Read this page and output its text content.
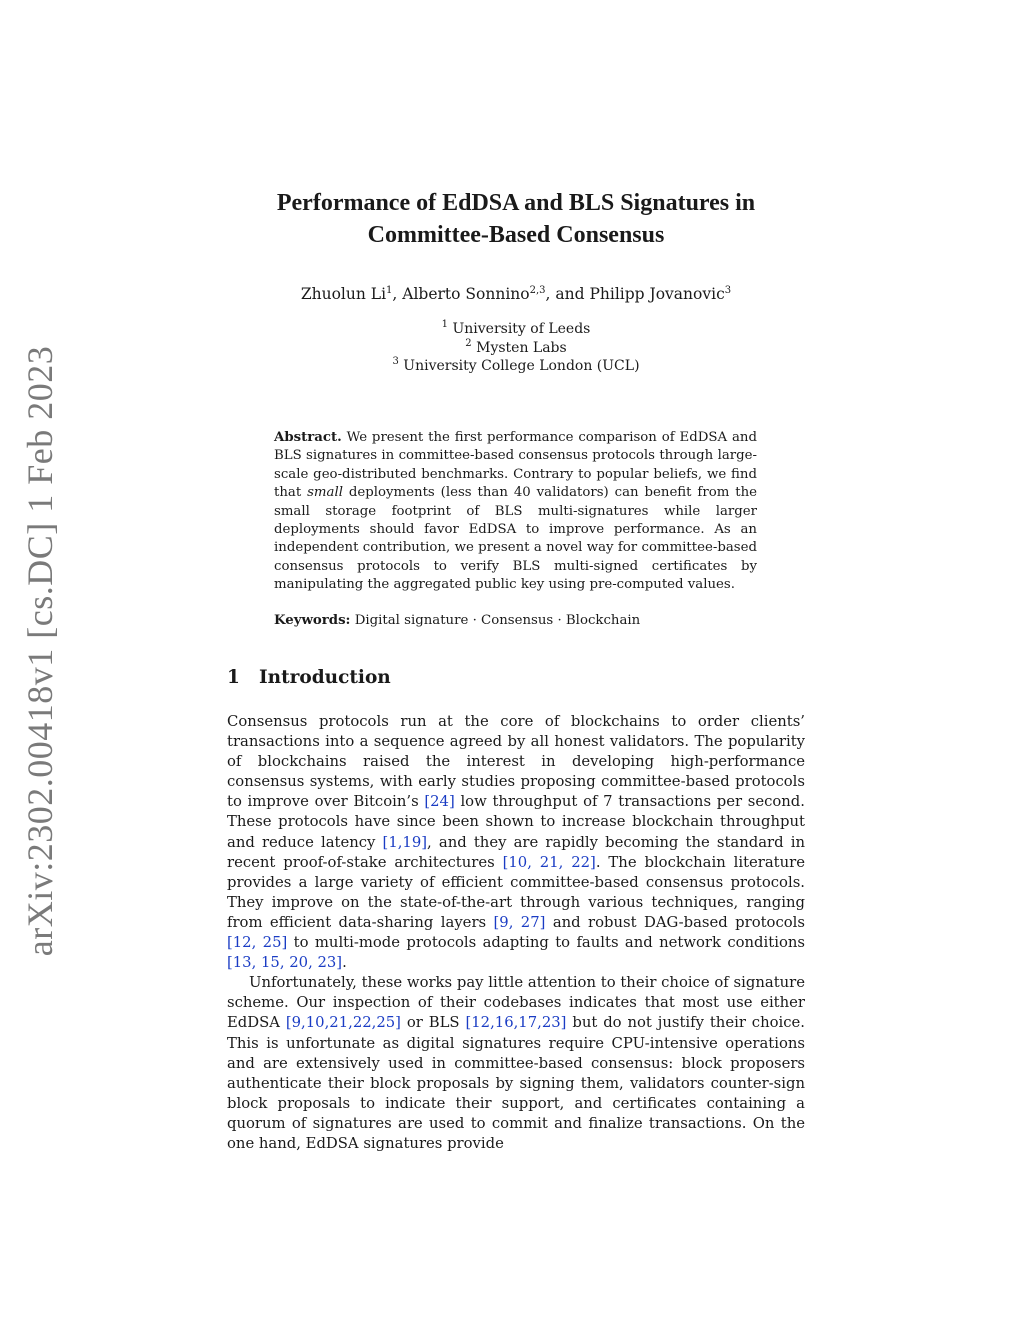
arXiv:2302.00418v1 [cs.DC] 1 Feb 2023
Performance of EdDSA and BLS Signatures in Committee-Based Consensus
Zhuolun Li$^1$, Alberto Sonnino$^{2,3}$, and Philipp Jovanovic$^3$
$^1$ University of Leeds
$^2$ Mysten Labs
$^3$ University College London (UCL)
Abstract. We present the first performance comparison of EdDSA and BLS signatures in committee-based consensus protocols through large-scale geo-distributed benchmarks. Contrary to popular beliefs, we find that small deployments (less than 40 validators) can benefit from the small storage footprint of BLS multi-signatures while larger deployments should favor EdDSA to improve performance. As an independent contribution, we present a novel way for committee-based consensus protocols to verify BLS multi-signed certificates by manipulating the aggregated public key using pre-computed values.
Keywords: Digital signature · Consensus · Blockchain
1 Introduction

Consensus protocols run at the core of blockchains to order clients’ transactions into a sequence agreed by all honest validators. The popularity of blockchains raised the interest in developing high-performance consensus systems, with early studies proposing committee-based protocols to improve over Bitcoin’s [24] low throughput of 7 transactions per second. These protocols have since been shown to increase blockchain throughput and reduce latency [1,19], and they are rapidly becoming the standard in recent proof-of-stake architectures [10, 21, 22]. The blockchain literature provides a large variety of efficient committee-based consensus protocols. They improve on the state-of-the-art through various techniques, ranging from efficient data-sharing layers [9, 27] and robust DAG-based protocols [12, 25] to multi-mode protocols adapting to faults and network conditions [13, 15, 20, 23].

Unfortunately, these works pay little attention to their choice of signature scheme. Our inspection of their codebases indicates that most use either EdDSA [9,10,21,22,25] or BLS [12,16,17,23] but do not justify their choice. This is unfortunate as digital signatures require CPU-intensive operations and are extensively used in committee-based consensus: block proposers authenticate their block proposals by signing them, validators counter-sign block proposals to indicate their support, and certificates containing a quorum of signatures are used to commit and finalize transactions. On the one hand, EdDSA signatures provide
